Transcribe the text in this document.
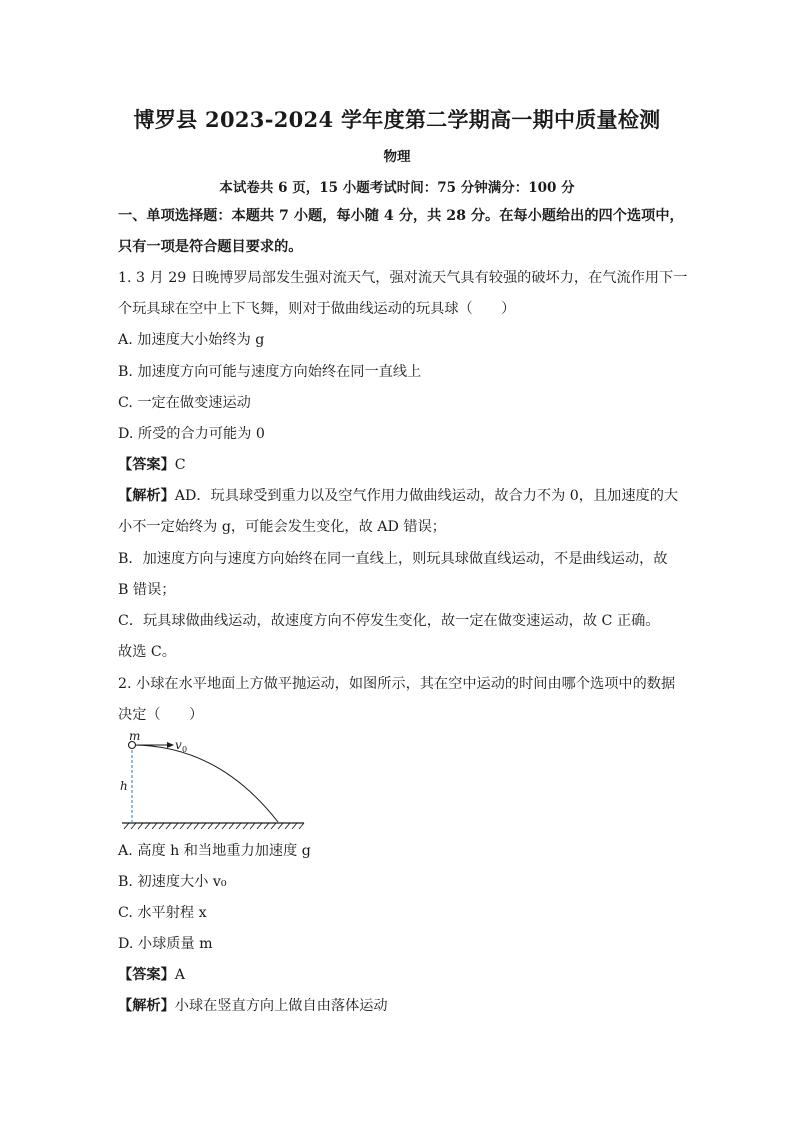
博罗县 2023-2024 学年度第二学期高一期中质量检测
物理
本试卷共 6 页，15 小题考试时间：75 分钟满分：100 分
一、单项选择题：本题共 7 小题，每小随 4 分，共 28 分。在每小题给出的四个选项中，
只有一项是符合题目要求的。
1. 3 月 29 日晚博罗局部发生强对流天气，强对流天气具有较强的破坏力，在气流作用下一
个玩具球在空中上下飞舞，则对于做曲线运动的玩具球（　　）
A. 加速度大小始终为 g
B. 加速度方向可能与速度方向始终在同一直线上
C. 一定在做变速运动
D. 所受的合力可能为 0
【答案】C
【解析】AD．玩具球受到重力以及空气作用力做曲线运动，故合力不为 0，且加速度的大
小不一定始终为 g，可能会发生变化，故 AD 错误；
B．加速度方向与速度方向始终在同一直线上，则玩具球做直线运动，不是曲线运动，故
B 错误；
C．玩具球做曲线运动，故速度方向不停发生变化，故一定在做变速运动，故 C 正确。
故选 C。
2. 小球在水平地面上方做平抛运动，如图所示，其在空中运动的时间由哪个选项中的数据
决定（　　）
m
v 0
h
A. 高度 h 和当地重力加速度 g
B. 初速度大小 v₀
C. 水平射程 x
D. 小球质量 m
【答案】A
【解析】小球在竖直方向上做自由落体运动
